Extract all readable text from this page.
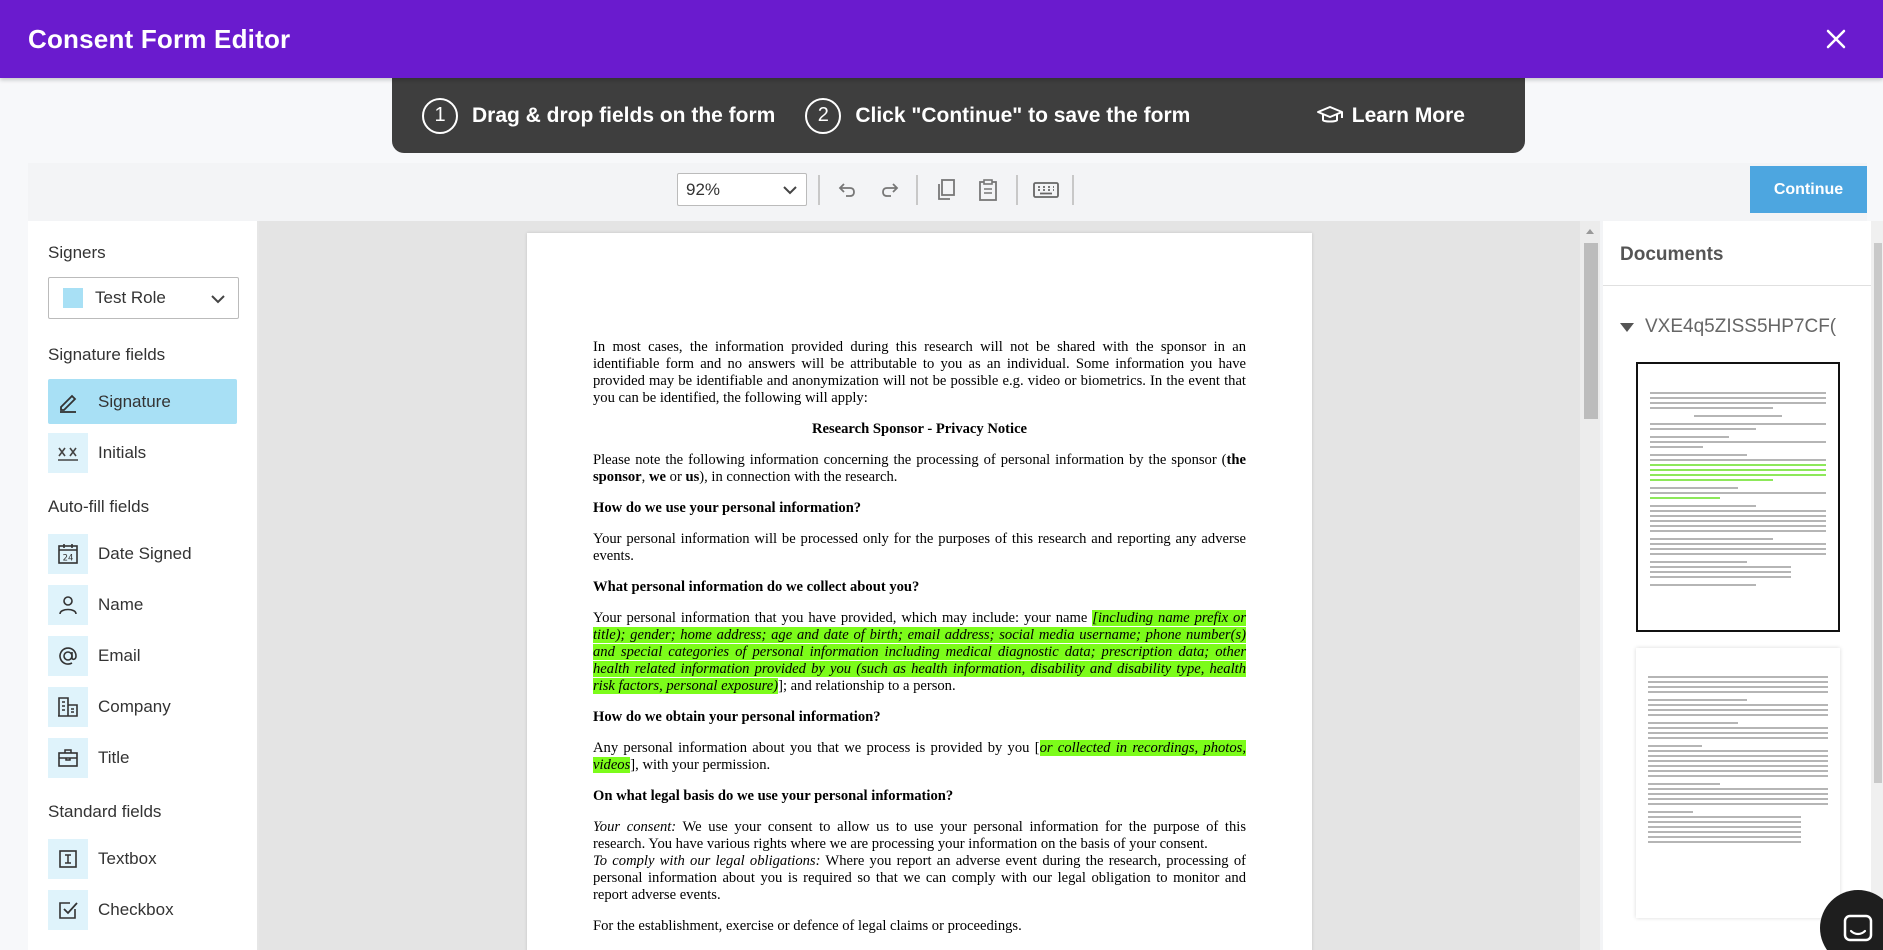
Consent Form Editor
1	Drag & drop fields on the form	2	Click "Continue" to save the form	Learn More
92%	Continue
Signers
Test Role
Signature fields
Signature
Initials
Auto-fill fields
24 Date Signed
Name
Email
Company
Title
Standard fields
Textbox
Checkbox

In most cases, the information provided during this research will not be shared with the sponsor in an identifiable form and no answers will be attributable to you as an individual. Some information you have provided may be identifiable and anonymization will not be possible e.g. video or biometrics. In the event that you can be identified, the following will apply:

Research Sponsor - Privacy Notice

Please note the following information concerning the processing of personal information by the sponsor (the sponsor, we or us), in connection with the research.

How do we use your personal information?

Your personal information will be processed only for the purposes of this research and reporting any adverse events.

What personal information do we collect about you?

Your personal information that you have provided, which may include: your name [including name prefix or title); gender; home address; age and date of birth; email address; social media username; phone number(s) and special categories of personal information including medical diagnostic data; prescription data; other health related information provided by you (such as health information, disability and disability type, health risk factors, personal exposure)]; and relationship to a person.

How do we obtain your personal information?

Any personal information about you that we process is provided by you [or collected in recordings, photos, videos], with your permission.

On what legal basis do we use your personal information?

Your consent: We use your consent to allow us to use your personal information for the purpose of this research. You have various rights where we are processing your information on the basis of your consent.

To comply with our legal obligations: Where you report an adverse event during the research, processing of personal information about you is required so that we can comply with our legal obligation to monitor and report adverse events.

For the establishment, exercise or defence of legal claims or proceedings.

Documents
VXE4q5ZISS5HP7CF(
